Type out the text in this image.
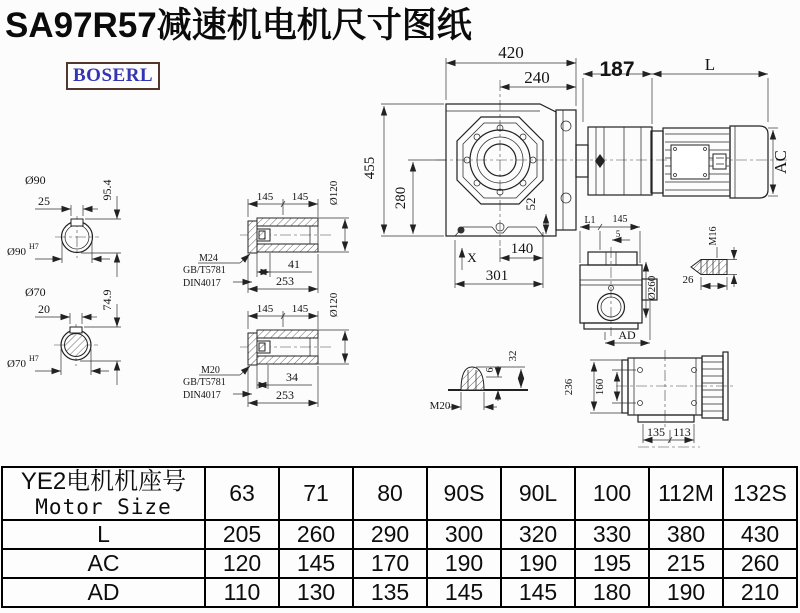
SA97R57减速机电机尺寸图纸
BOSERL
Ø90
25
95.4
Ø90 H7
Ø70
20	74.9
Ø70 H7
145 145 Ø120
41
253
M24
GB/T5781
DIN4017
145 145 Ø120
34
253
M20
GB/T5781
DIN4017
420
240
455
280	52
X
140
301
187	L
AC
L1 145
5
Ø260
AD
M16
26
6
32
M20
236 160
135 113
YE2电机机座号
Motor Size	63	71	80	90S	90L	100	112M	132S
L	205	260	290	300	320	330	380	430
AC	120	145	170	190	190	195	215	260
AD	110	130	135	145	145	180	190	210
